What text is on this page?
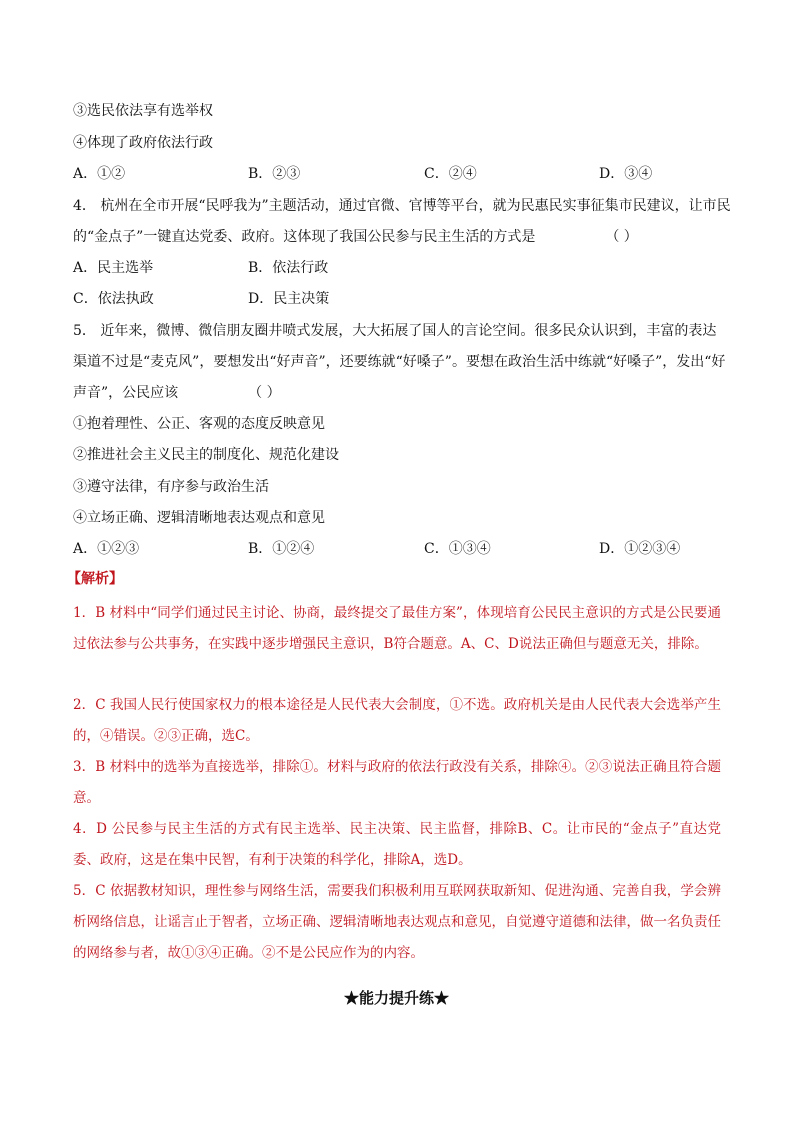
③选民依法享有选举权
④体现了政府依法行政
A．①②	B．②③	C．②④	D．③④
4． 杭州在全市开展“民呼我为”主题活动，通过官微、官博等平台，就为民惠民实事征集市民建议，让市民
的“金点子”一键直达党委、政府。这体现了我国公民参与民主生活的方式是	（ ）
A．民主选举	B．依法行政
C．依法执政	D．民主决策
5． 近年来，微博、微信朋友圈井喷式发展，大大拓展了国人的言论空间。很多民众认识到，丰富的表达
渠道不过是“麦克风”，要想发出“好声音”，还要练就“好嗓子”。要想在政治生活中练就“好嗓子”，发出“好
声音”，公民应该	（ ）
①抱着理性、公正、客观的态度反映意见
②推进社会主义民主的制度化、规范化建设
③遵守法律，有序参与政治生活
④立场正确、逻辑清晰地表达观点和意见
A．①②③	B．①②④	C．①③④	D．①②③④
【解析】
1．B 材料中“同学们通过民主讨论、协商，最终提交了最佳方案”，体现培育公民民主意识的方式是公民要通过依法参与公共事务，在实践中逐步增强民主意识，B符合题意。A、C、D说法正确但与题意无关，排除。
2．C 我国人民行使国家权力的根本途径是人民代表大会制度，①不选。政府机关是由人民代表大会选举产生的，④错误。②③正确，选C。
3．B 材料中的选举为直接选举，排除①。材料与政府的依法行政没有关系，排除④。②③说法正确且符合题意。
4．D 公民参与民主生活的方式有民主选举、民主决策、民主监督，排除B、C。让市民的“金点子”直达党委、政府，这是在集中民智，有利于决策的科学化，排除A，选D。
5．C 依据教材知识，理性参与网络生活，需要我们积极利用互联网获取新知、促进沟通、完善自我，学会辨析网络信息，让谣言止于智者，立场正确、逻辑清晰地表达观点和意见，自觉遵守道德和法律，做一名负责任的网络参与者，故①③④正确。②不是公民应作为的内容。
★能力提升练★
